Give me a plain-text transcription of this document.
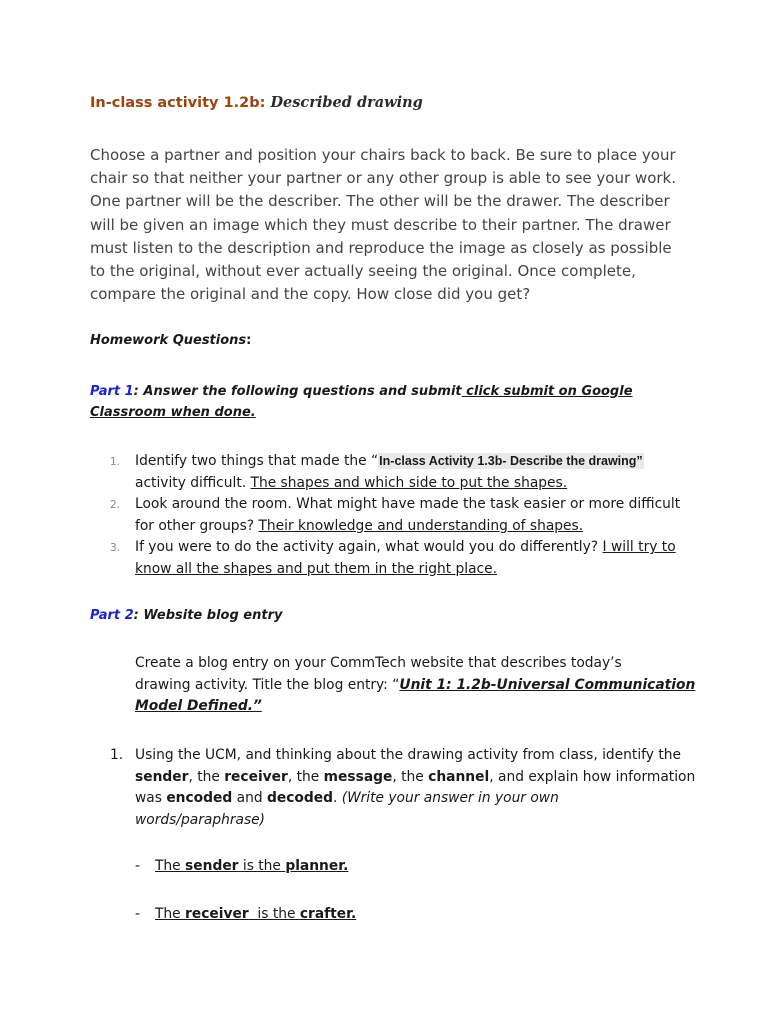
In-class activity 1.2b: Described drawing

Choose a partner and position your chairs back to back. Be sure to place your

chair so that neither your partner or any other group is able to see your work.

One partner will be the describer. The other will be the drawer. The describer

will be given an image which they must describe to their partner. The drawer

must listen to the description and reproduce the image as closely as possible

to the original, without ever actually seeing the original. Once complete,

compare the original and the copy. How close did you get?

Homework Questions:
Part 1: Answer the following questions and submit click submit on Google
Classroom when done.
1. Identify two things that made the “In-class Activity 1.3b- Describe the drawing”
activity difficult. The shapes and which side to put the shapes.
2. Look around the room. What might have made the task easier or more difficult
for other groups? Their knowledge and understanding of shapes.
3. If you were to do the activity again, what would you do differently? I will try to
know all the shapes and put them in the right place.
Part 2: Website blog entry
Create a blog entry on your CommTech website that describes today’s
drawing activity. Title the blog entry: “Unit 1: 1.2b-Universal Communication
Model Defined.”
1. Using the UCM, and thinking about the drawing activity from class, identify the
sender, the receiver, the message, the channel, and explain how information
was encoded and decoded. (Write your answer in your own
words/paraphrase)
- The sender is the planner.
- The receiver  is the crafter.
